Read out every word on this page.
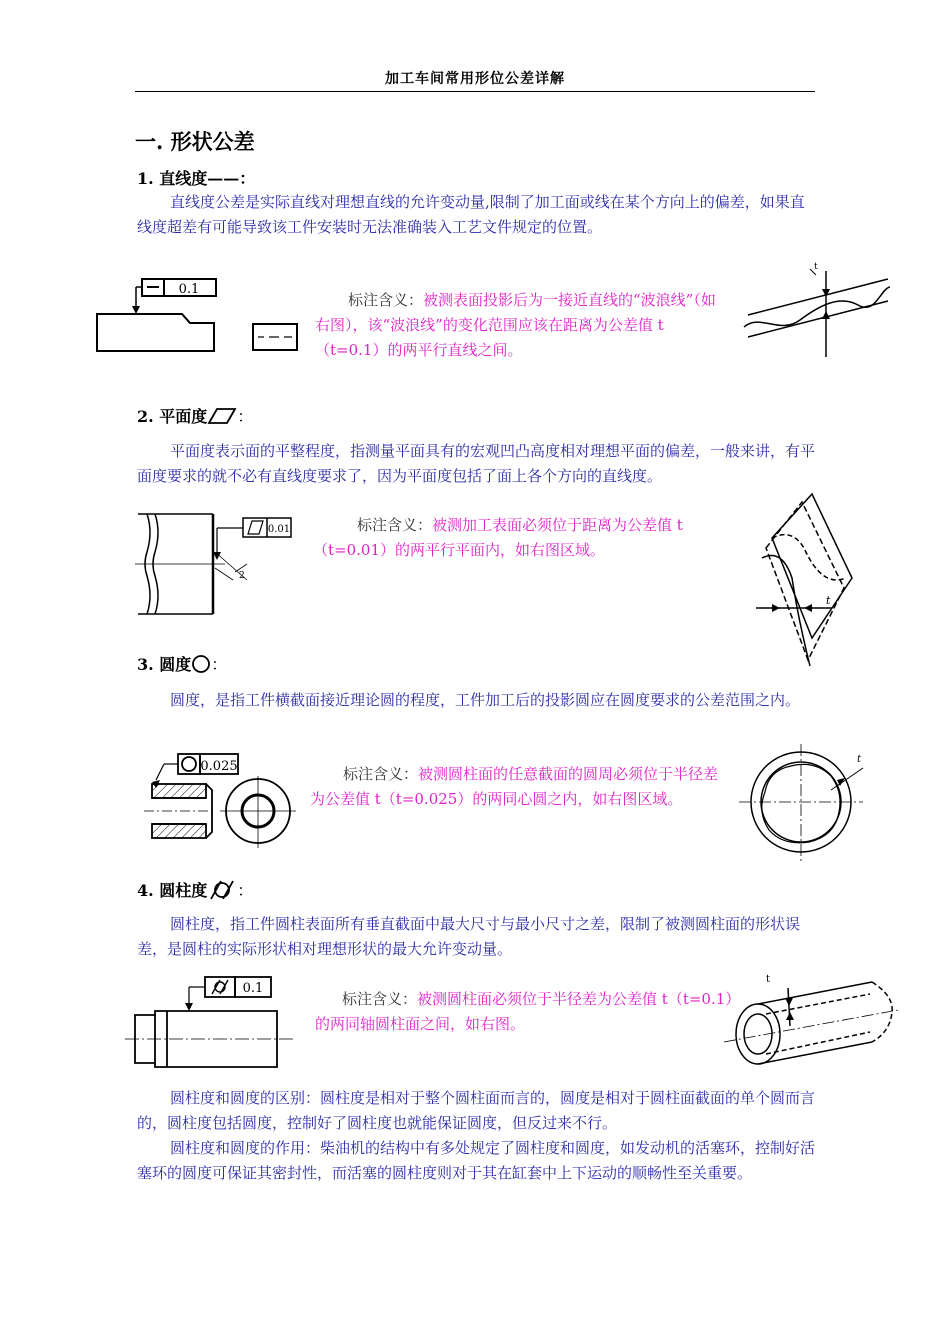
加工车间常用形位公差详解
一. 形状公差
1. 直线度——：
直线度公差是实际直线对理想直线的允许变动量,限制了加工面或线在某个方向上的偏差，如果直线度超差有可能导致该工件安装时无法准确装入工艺文件规定的位置。
0.1
标注含义：被测表面投影后为一接近直线的“波浪线”（如右图），该“波浪线”的变化范围应该在距离为公差值 t（t=0.1）的两平行直线之间。
t
2. 平面度 ：
平面度表示面的平整程度，指测量平面具有的宏观凹凸高度相对理想平面的偏差，一般来讲，有平面度要求的就不必有直线度要求了，因为平面度包括了面上各个方向的直线度。
0.01
2
标注含义：被测加工表面必须位于距离为公差值 t（t=0.01）的两平行平面内，如右图区域。
t
3. 圆度 ：
圆度，是指工件横截面接近理论圆的程度，工件加工后的投影圆应在圆度要求的公差范围之内。
0.025	标注含义：被测圆柱面的任意截面的圆周必须位于半径差为公差值 t（t=0.025）的两同心圆之内，如右图区域。
t
4. 圆柱度 ：
圆柱度，指工件圆柱表面所有垂直截面中最大尺寸与最小尺寸之差，限制了被测圆柱面的形状误差，是圆柱的实际形状相对理想形状的最大允许变动量。
0.1
标注含义：被测圆柱面必须位于半径差为公差值 t（t=0.1）的两同轴圆柱面之间，如右图。
t
圆柱度和圆度的区别：圆柱度是相对于整个圆柱面而言的，圆度是相对于圆柱面截面的单个圆而言的，圆柱度包括圆度，控制好了圆柱度也就能保证圆度，但反过来不行。
圆柱度和圆度的作用：柴油机的结构中有多处规定了圆柱度和圆度，如发动机的活塞环，控制好活塞环的圆度可保证其密封性，而活塞的圆柱度则对于其在缸套中上下运动的顺畅性至关重要。
